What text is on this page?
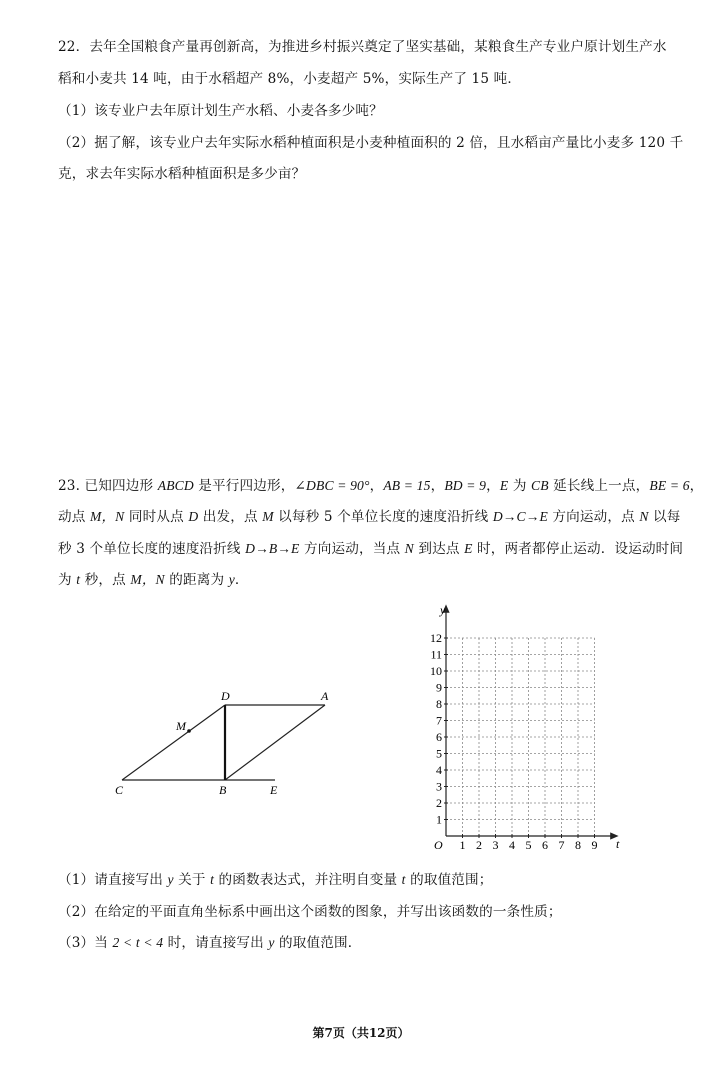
22．去年全国粮食产量再创新高，为推进乡村振兴奠定了坚实基础，某粮食生产专业户原计划生产水
稻和小麦共 14 吨，由于水稻超产 8%，小麦超产 5%，实际生产了 15 吨．
（1）该专业户去年原计划生产水稻、小麦各多少吨？
（2）据了解，该专业户去年实际水稻种植面积是小麦种植面积的 2 倍，且水稻亩产量比小麦多 120 千
克，求去年实际水稻种植面积是多少亩？
23. 已知四边形 ABCD 是平行四边形，∠DBC = 90°，AB = 15，BD = 9，E 为 CB 延长线上一点，BE = 6，
动点 M，N 同时从点 D 出发，点 M 以每秒 5 个单位长度的速度沿折线 D→C→E 方向运动，点 N 以每
秒 3 个单位长度的速度沿折线 D→B→E 方向运动，当点 N 到达点 E 时，两者都停止运动．设运动时间
为 t 秒，点 M，N 的距离为 y．
D	A
M
C	B	E
y
t
O
1
2
3
4
5
6
7
8
9
10
11
12
1 2 3 4 5 6 7 8 9
（1）请直接写出 y 关于 t 的函数表达式，并注明自变量 t 的取值范围；
（2）在给定的平面直角坐标系中画出这个函数的图象，并写出该函数的一条性质；
（3）当 2 < t < 4 时，请直接写出 y 的取值范围．
第7页（共12页）
